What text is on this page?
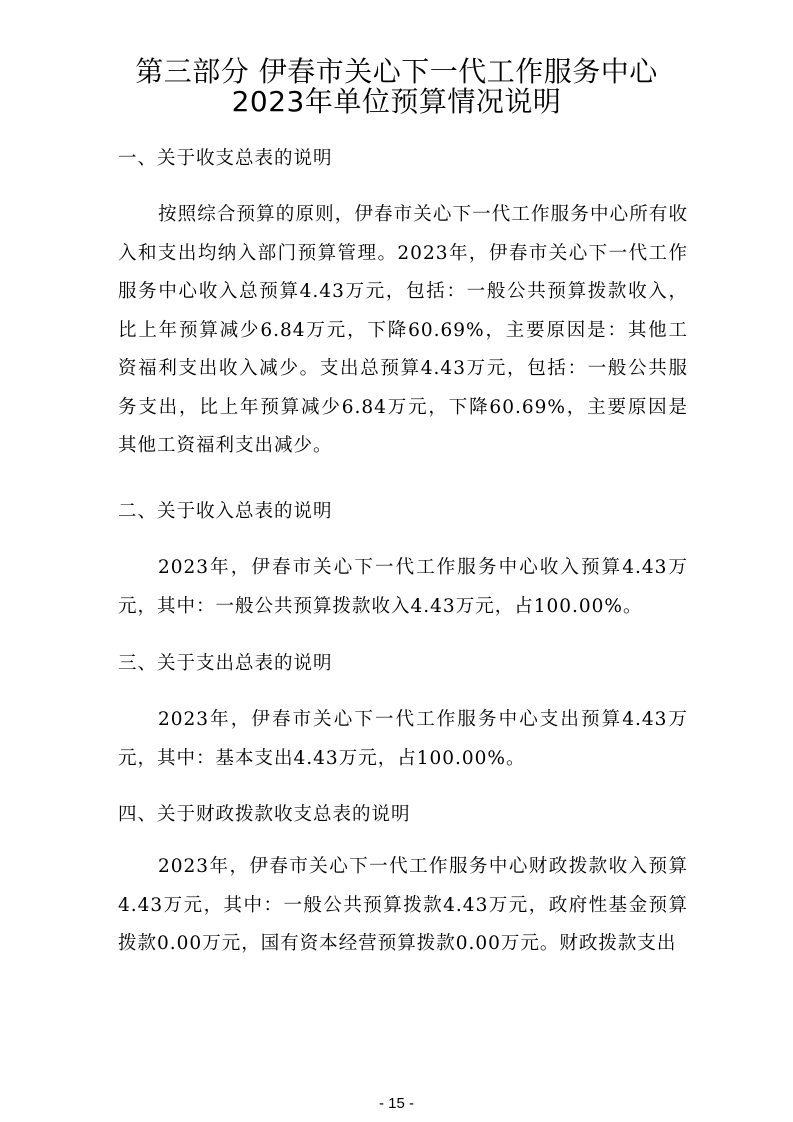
第三部分 伊春市关心下一代工作服务中心
2023年单位预算情况说明
一、关于收支总表的说明
按照综合预算的原则，伊春市关心下一代工作服务中心所有收入和支出均纳入部门预算管理。2023年，伊春市关心下一代工作服务中心收入总预算4.43万元，包括：一般公共预算拨款收入，比上年预算减少6.84万元，下降60.69%，主要原因是：其他工资福利支出收入减少。支出总预算4.43万元，包括：一般公共服务支出，比上年预算减少6.84万元，下降60.69%，主要原因是其他工资福利支出减少。
二、关于收入总表的说明
2023年，伊春市关心下一代工作服务中心收入预算4.43万元，其中：一般公共预算拨款收入4.43万元，占100.00%。
三、关于支出总表的说明
2023年，伊春市关心下一代工作服务中心支出预算4.43万元，其中：基本支出4.43万元，占100.00%。
四、关于财政拨款收支总表的说明
2023年，伊春市关心下一代工作服务中心财政拨款收入预算4.43万元，其中：一般公共预算拨款4.43万元，政府性基金预算拨款0.00万元，国有资本经营预算拨款0.00万元。财政拨款支出
- 15 -
